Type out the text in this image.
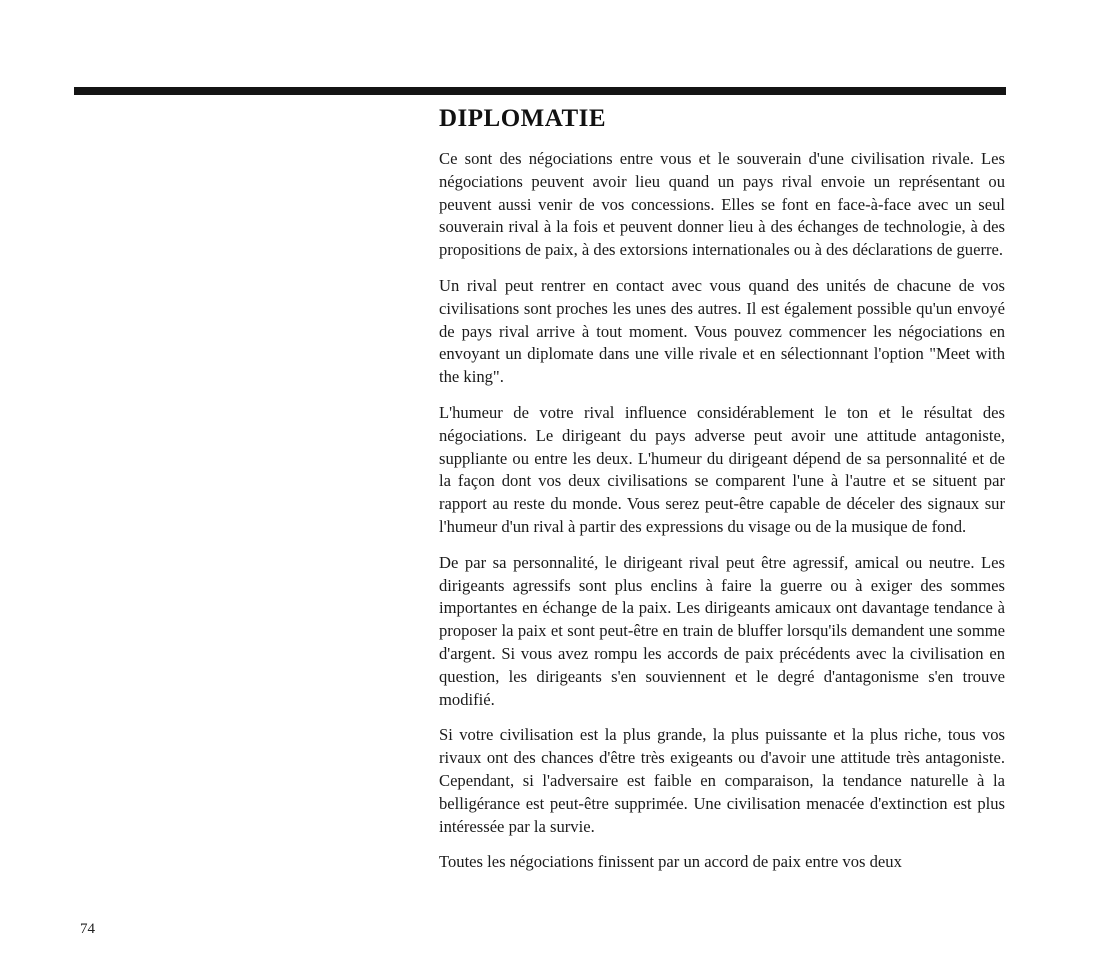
DIPLOMATIE

Ce sont des négociations entre vous et le souverain d'une civilisation rivale. Les négociations peuvent avoir lieu quand un pays rival envoie un représentant ou peuvent aussi venir de vos concessions. Elles se font en face-à-face avec un seul souverain rival à la fois et peuvent donner lieu à des échanges de technologie, à des propositions de paix, à des extorsions internationales ou à des déclarations de guerre.

Un rival peut rentrer en contact avec vous quand des unités de chacune de vos civilisations sont proches les unes des autres. Il est également possible qu'un envoyé de pays rival arrive à tout moment. Vous pouvez commencer les négociations en envoyant un diplomate dans une ville rivale et en sélectionnant l'option "Meet with the king".

L'humeur de votre rival influence considérablement le ton et le résultat des négociations. Le dirigeant du pays adverse peut avoir une attitude antagoniste, suppliante ou entre les deux. L'humeur du dirigeant dépend de sa personnalité et de la façon dont vos deux civilisations se comparent l'une à l'autre et se situent par rapport au reste du monde. Vous serez peut-être capable de déceler des signaux sur l'humeur d'un rival à partir des expressions du visage ou de la musique de fond.

De par sa personnalité, le dirigeant rival peut être agressif, amical ou neutre. Les dirigeants agressifs sont plus enclins à faire la guerre ou à exiger des sommes importantes en échange de la paix. Les dirigeants amicaux ont davantage tendance à proposer la paix et sont peut-être en train de bluffer lorsqu'ils demandent une somme d'argent. Si vous avez rompu les accords de paix précédents avec la civilisation en question, les dirigeants s'en souviennent et le degré d'antagonisme s'en trouve modifié.

Si votre civilisation est la plus grande, la plus puissante et la plus riche, tous vos rivaux ont des chances d'être très exigeants ou d'avoir une attitude très antagoniste. Cependant, si l'adversaire est faible en comparaison, la tendance naturelle à la belligérance est peut-être supprimée. Une civilisation menacée d'extinction est plus intéressée par la survie.

Toutes les négociations finissent par un accord de paix entre vos deux

74
